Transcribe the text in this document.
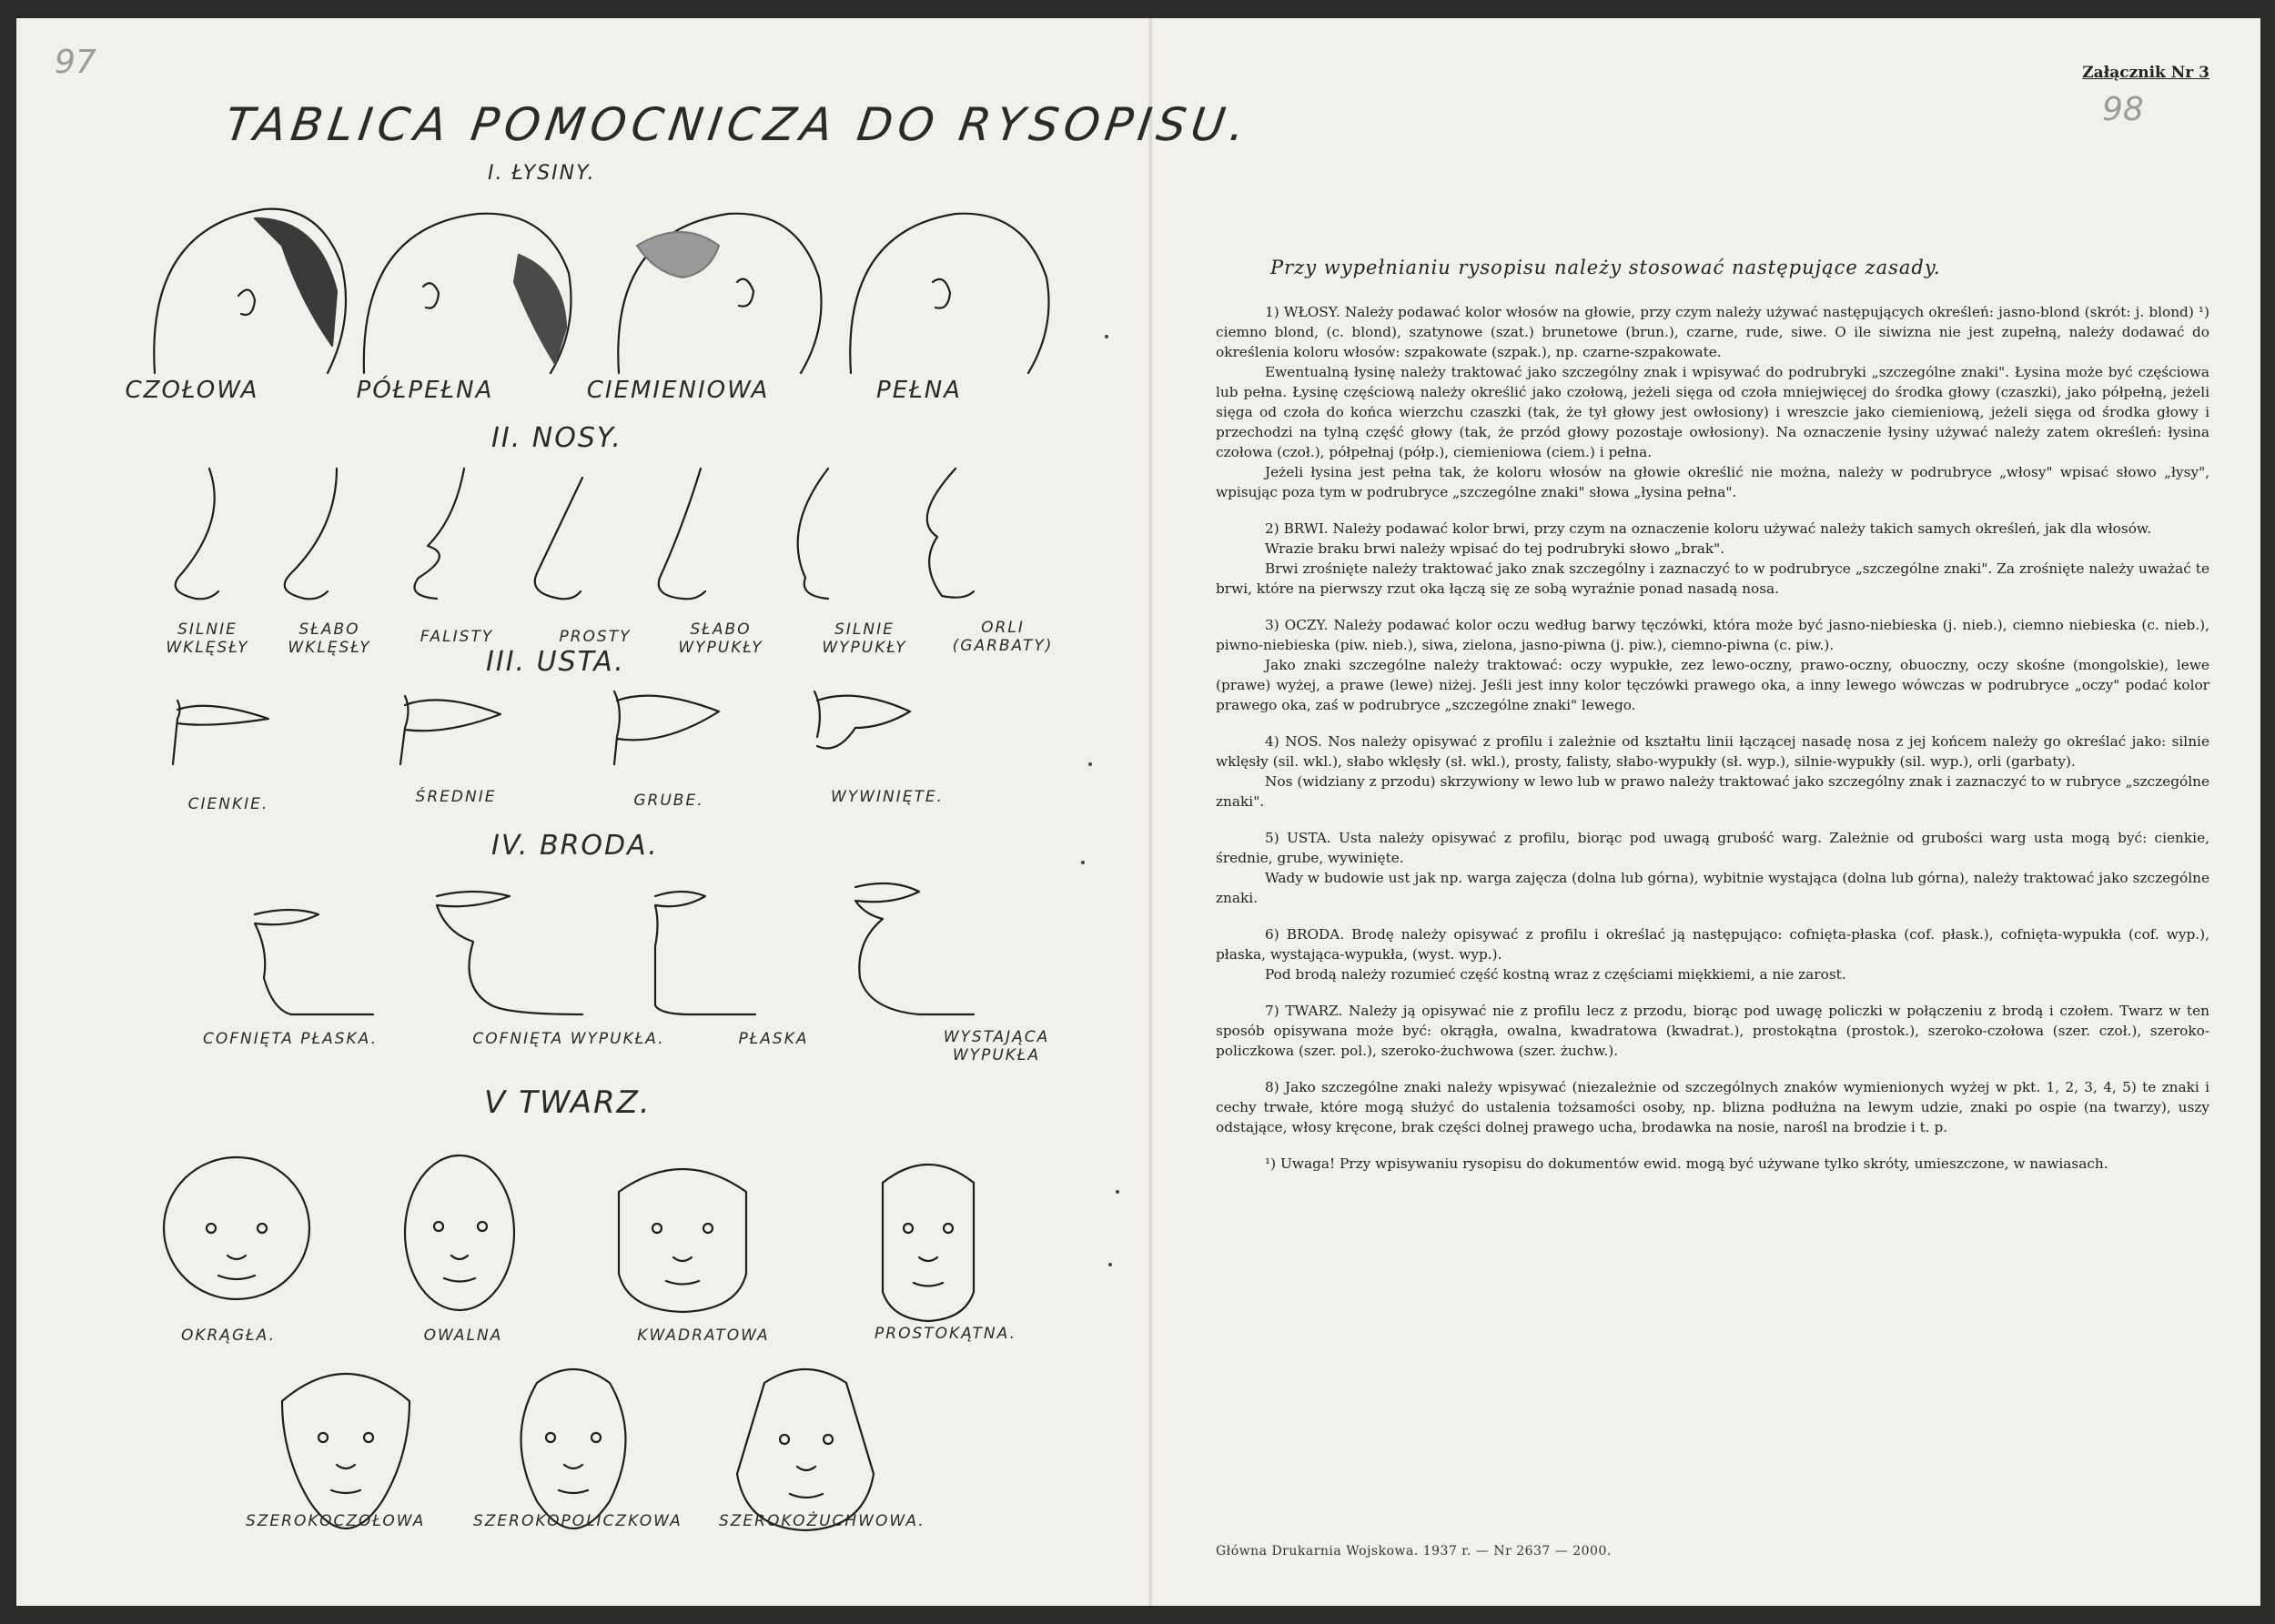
97
TABLICA POMOCNICZA DO RYSOPISU.
I. ŁYSINY.
CZOŁOWA	PÓŁPEŁNA	CIEMIENIOWA	PEŁNA
II. NOSY.
SILNIE WKLĘSŁY
SŁABO WKLĘSŁY
FALISTY	PROSTY	SŁABO WYPUKŁY
SILNIE WYPUKŁY
ORLI (GARBATY)
III. USTA.
CIENKIE.	ŚREDNIE	GRUBE.	WYWINIĘTE.
IV. BRODA.
COFNIĘTA PŁASKA.	COFNIĘTA WYPUKŁA.	PŁASKA	WYSTAJĄCA WYPUKŁA
V TWARZ.
OKRĄGŁA.	OWALNA	KWADRATOWA	PROSTOKĄTNA.
SZEROKOCZOŁOWA	SZEROKOPOLICZKOWA SZEROKOŻUCHWOWA.
Załącznik Nr 3
98
Przy wypełnianiu rysopisu należy stosować następujące zasady.

1) WŁOSY. Należy podawać kolor włosów na głowie, przy czym należy używać następujących określeń: jasno-blond (skrót: j. blond) ¹) ciemno blond, (c. blond), szatynowe (szat.) brunetowe (brun.), czarne, rude, siwe. O ile siwizna nie jest zupełną, należy dodawać do określenia koloru włosów: szpakowate (szpak.), np. czarne-szpakowate.

Ewentualną łysinę należy traktować jako szczególny znak i wpisywać do podrubryki „szczególne znaki". Łysina może być częściowa lub pełna. Łysinę częściową należy określić jako czołową, jeżeli sięga od czoła mniejwięcej do środka głowy (czaszki), jako półpełną, jeżeli sięga od czoła do końca wierzchu czaszki (tak, że tył głowy jest owłosiony) i wreszcie jako ciemieniową, jeżeli sięga od środka głowy i przechodzi na tylną część głowy (tak, że przód głowy pozostaje owłosiony). Na oznaczenie łysiny używać należy zatem określeń: łysina czołowa (czoł.), półpełnaj (półp.), ciemieniowa (ciem.) i pełna.

Jeżeli łysina jest pełna tak, że koloru włosów na głowie określić nie można, należy w podrubryce „włosy" wpisać słowo „łysy", wpisując poza tym w podrubryce „szczególne znaki" słowa „łysina pełna".

2) BRWI. Należy podawać kolor brwi, przy czym na oznaczenie koloru używać należy takich samych określeń, jak dla włosów.

Wrazie braku brwi należy wpisać do tej podrubryki słowo „brak".

Brwi zrośnięte należy traktować jako znak szczególny i zaznaczyć to w podrubryce „szczególne znaki". Za zrośnięte należy uważać te brwi, które na pierwszy rzut oka łączą się ze sobą wyraźnie ponad nasadą nosa.

3) OCZY. Należy podawać kolor oczu według barwy tęczówki, która może być jasno-niebieska (j. nieb.), ciemno niebieska (c. nieb.), piwno-niebieska (piw. nieb.), siwa, zielona, jasno-piwna (j. piw.), ciemno-piwna (c. piw.).

Jako znaki szczególne należy traktować: oczy wypukłe, zez lewo-oczny, prawo-oczny, obuoczny, oczy skośne (mongolskie), lewe (prawe) wyżej, a prawe (lewe) niżej. Jeśli jest inny kolor tęczówki prawego oka, a inny lewego wówczas w podrubryce „oczy" podać kolor prawego oka, zaś w podrubryce „szczególne znaki" lewego.

4) NOS. Nos należy opisywać z profilu i zależnie od kształtu linii łączącej nasadę nosa z jej końcem należy go określać jako: silnie wklęsły (sil. wkl.), słabo wklęsły (sł. wkl.), prosty, falisty, słabo-wypukły (sł. wyp.), silnie-wypukły (sil. wyp.), orli (garbaty).

Nos (widziany z przodu) skrzywiony w lewo lub w prawo należy traktować jako szczególny znak i zaznaczyć to w rubryce „szczególne znaki".

5) USTA. Usta należy opisywać z profilu, biorąc pod uwagą grubość warg. Zależnie od grubości warg usta mogą być: cienkie, średnie, grube, wywinięte.

Wady w budowie ust jak np. warga zajęcza (dolna lub górna), wybitnie wystająca (dolna lub górna), należy traktować jako szczególne znaki.

6) BRODA. Brodę należy opisywać z profilu i określać ją następująco: cofnięta-płaska (cof. płask.), cofnięta-wypukła (cof. wyp.), płaska, wystająca-wypukła, (wyst. wyp.).

Pod brodą należy rozumieć część kostną wraz z częściami miękkiemi, a nie zarost.

7) TWARZ. Należy ją opisywać nie z profilu lecz z przodu, biorąc pod uwagę policzki w połączeniu z brodą i czołem. Twarz w ten sposób opisywana może być: okrągła, owalna, kwadratowa (kwadrat.), prostokątna (prostok.), szeroko-czołowa (szer. czoł.), szeroko-policzkowa (szer. pol.), szeroko-żuchwowa (szer. żuchw.).

8) Jako szczególne znaki należy wpisywać (niezależnie od szczególnych znaków wymienionych wyżej w pkt. 1, 2, 3, 4, 5) te znaki i cechy trwałe, które mogą służyć do ustalenia tożsamości osoby, np. blizna podłużna na lewym udzie, znaki po ospie (na twarzy), uszy odstające, włosy kręcone, brak części dolnej prawego ucha, brodawka na nosie, narośl na brodzie i t. p.

¹) Uwaga! Przy wpisywaniu rysopisu do dokumentów ewid. mogą być używane tylko skróty, umieszczone, w nawiasach.

Główna Drukarnia Wojskowa. 1937 r. — Nr 2637 — 2000.
